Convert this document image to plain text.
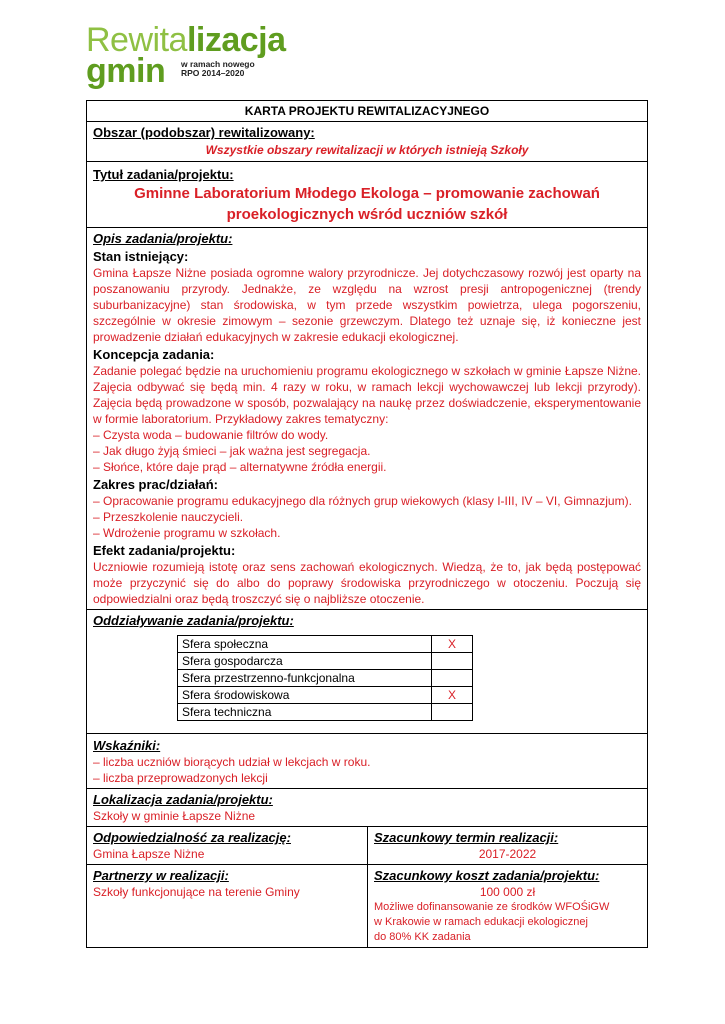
Rewitalizacja
gmin w ramach nowego
RPO 2014–2020
KARTA PROJEKTU REWITALIZACYJNEGO

Obszar (podobszar) rewitalizowany:
Wszystkie obszary rewitalizacji w których istnieją Szkoły

Tytuł zadania/projektu:
Gminne Laboratorium Młodego Ekologa – promowanie zachowań
proekologicznych wśród uczniów szkół

Opis zadania/projektu:
Stan istniejący:

Gmina Łapsze Niżne posiada ogromne walory przyrodnicze. Jej dotychczasowy rozwój jest oparty na poszanowaniu przyrody. Jednakże, ze względu na wzrost presji antropogenicznej (trendy suburbanizacyjne) stan środowiska, w tym przede wszystkim powietrza, ulega pogorszeniu, szczególnie w okresie zimowym – sezonie grzewczym. Dlatego też uznaje się, iż konieczne jest prowadzenie działań edukacyjnych w zakresie edukacji ekologicznej.

Koncepcja zadania:

Zadanie polegać będzie na uruchomieniu programu ekologicznego w szkołach w gminie Łapsze Niżne. Zajęcia odbywać się będą min. 4 razy w roku, w ramach lekcji wychowawczej lub lekcji przyrody). Zajęcia będą prowadzone w sposób, pozwalający na naukę przez doświadczenie, eksperymentowanie w formie laboratorium. Przykładowy zakres tematyczny:

– Czysta woda – budowanie filtrów do wody.

– Jak długo żyją śmieci – jak ważna jest segregacja.

– Słońce, które daje prąd – alternatywne źródła energii.

Zakres prac/działań:

– Opracowanie programu edukacyjnego dla różnych grup wiekowych (klasy I-III, IV – VI, Gimnazjum).

– Przeszkolenie nauczycieli.

– Wdrożenie programu w szkołach.

Efekt zadania/projektu:

Uczniowie rozumieją istotę oraz sens zachowań ekologicznych. Wiedzą, że to, jak będą postępować może przyczynić się do albo do poprawy środowiska przyrodniczego w otoczeniu. Poczują się odpowiedzialni oraz będą troszczyć się o najbliższe otoczenie.

Oddziaływanie zadania/projektu:
Sfera społeczna	X
Sfera gospodarcza	
Sfera przestrzenno-funkcjonalna	
Sfera środowiskowa	X
Sfera techniczna	

Wskaźniki:

– liczba uczniów biorących udział w lekcjach w roku.

– liczba przeprowadzonych lekcji

Lokalizacja zadania/projektu:

Szkoły w gminie Łapsze Niżne

Odpowiedzialność za realizację:

Gmina Łapsze Niżne

Szacunkowy termin realizacji:

2017-2022

Partnerzy w realizacji:

Szkoły funkcjonujące na terenie Gminy

Szacunkowy koszt zadania/projektu:

100 000 zł

Możliwe dofinansowanie ze środków WFOŚiGW

w Krakowie w ramach edukacji ekologicznej

do 80% KK zadania
